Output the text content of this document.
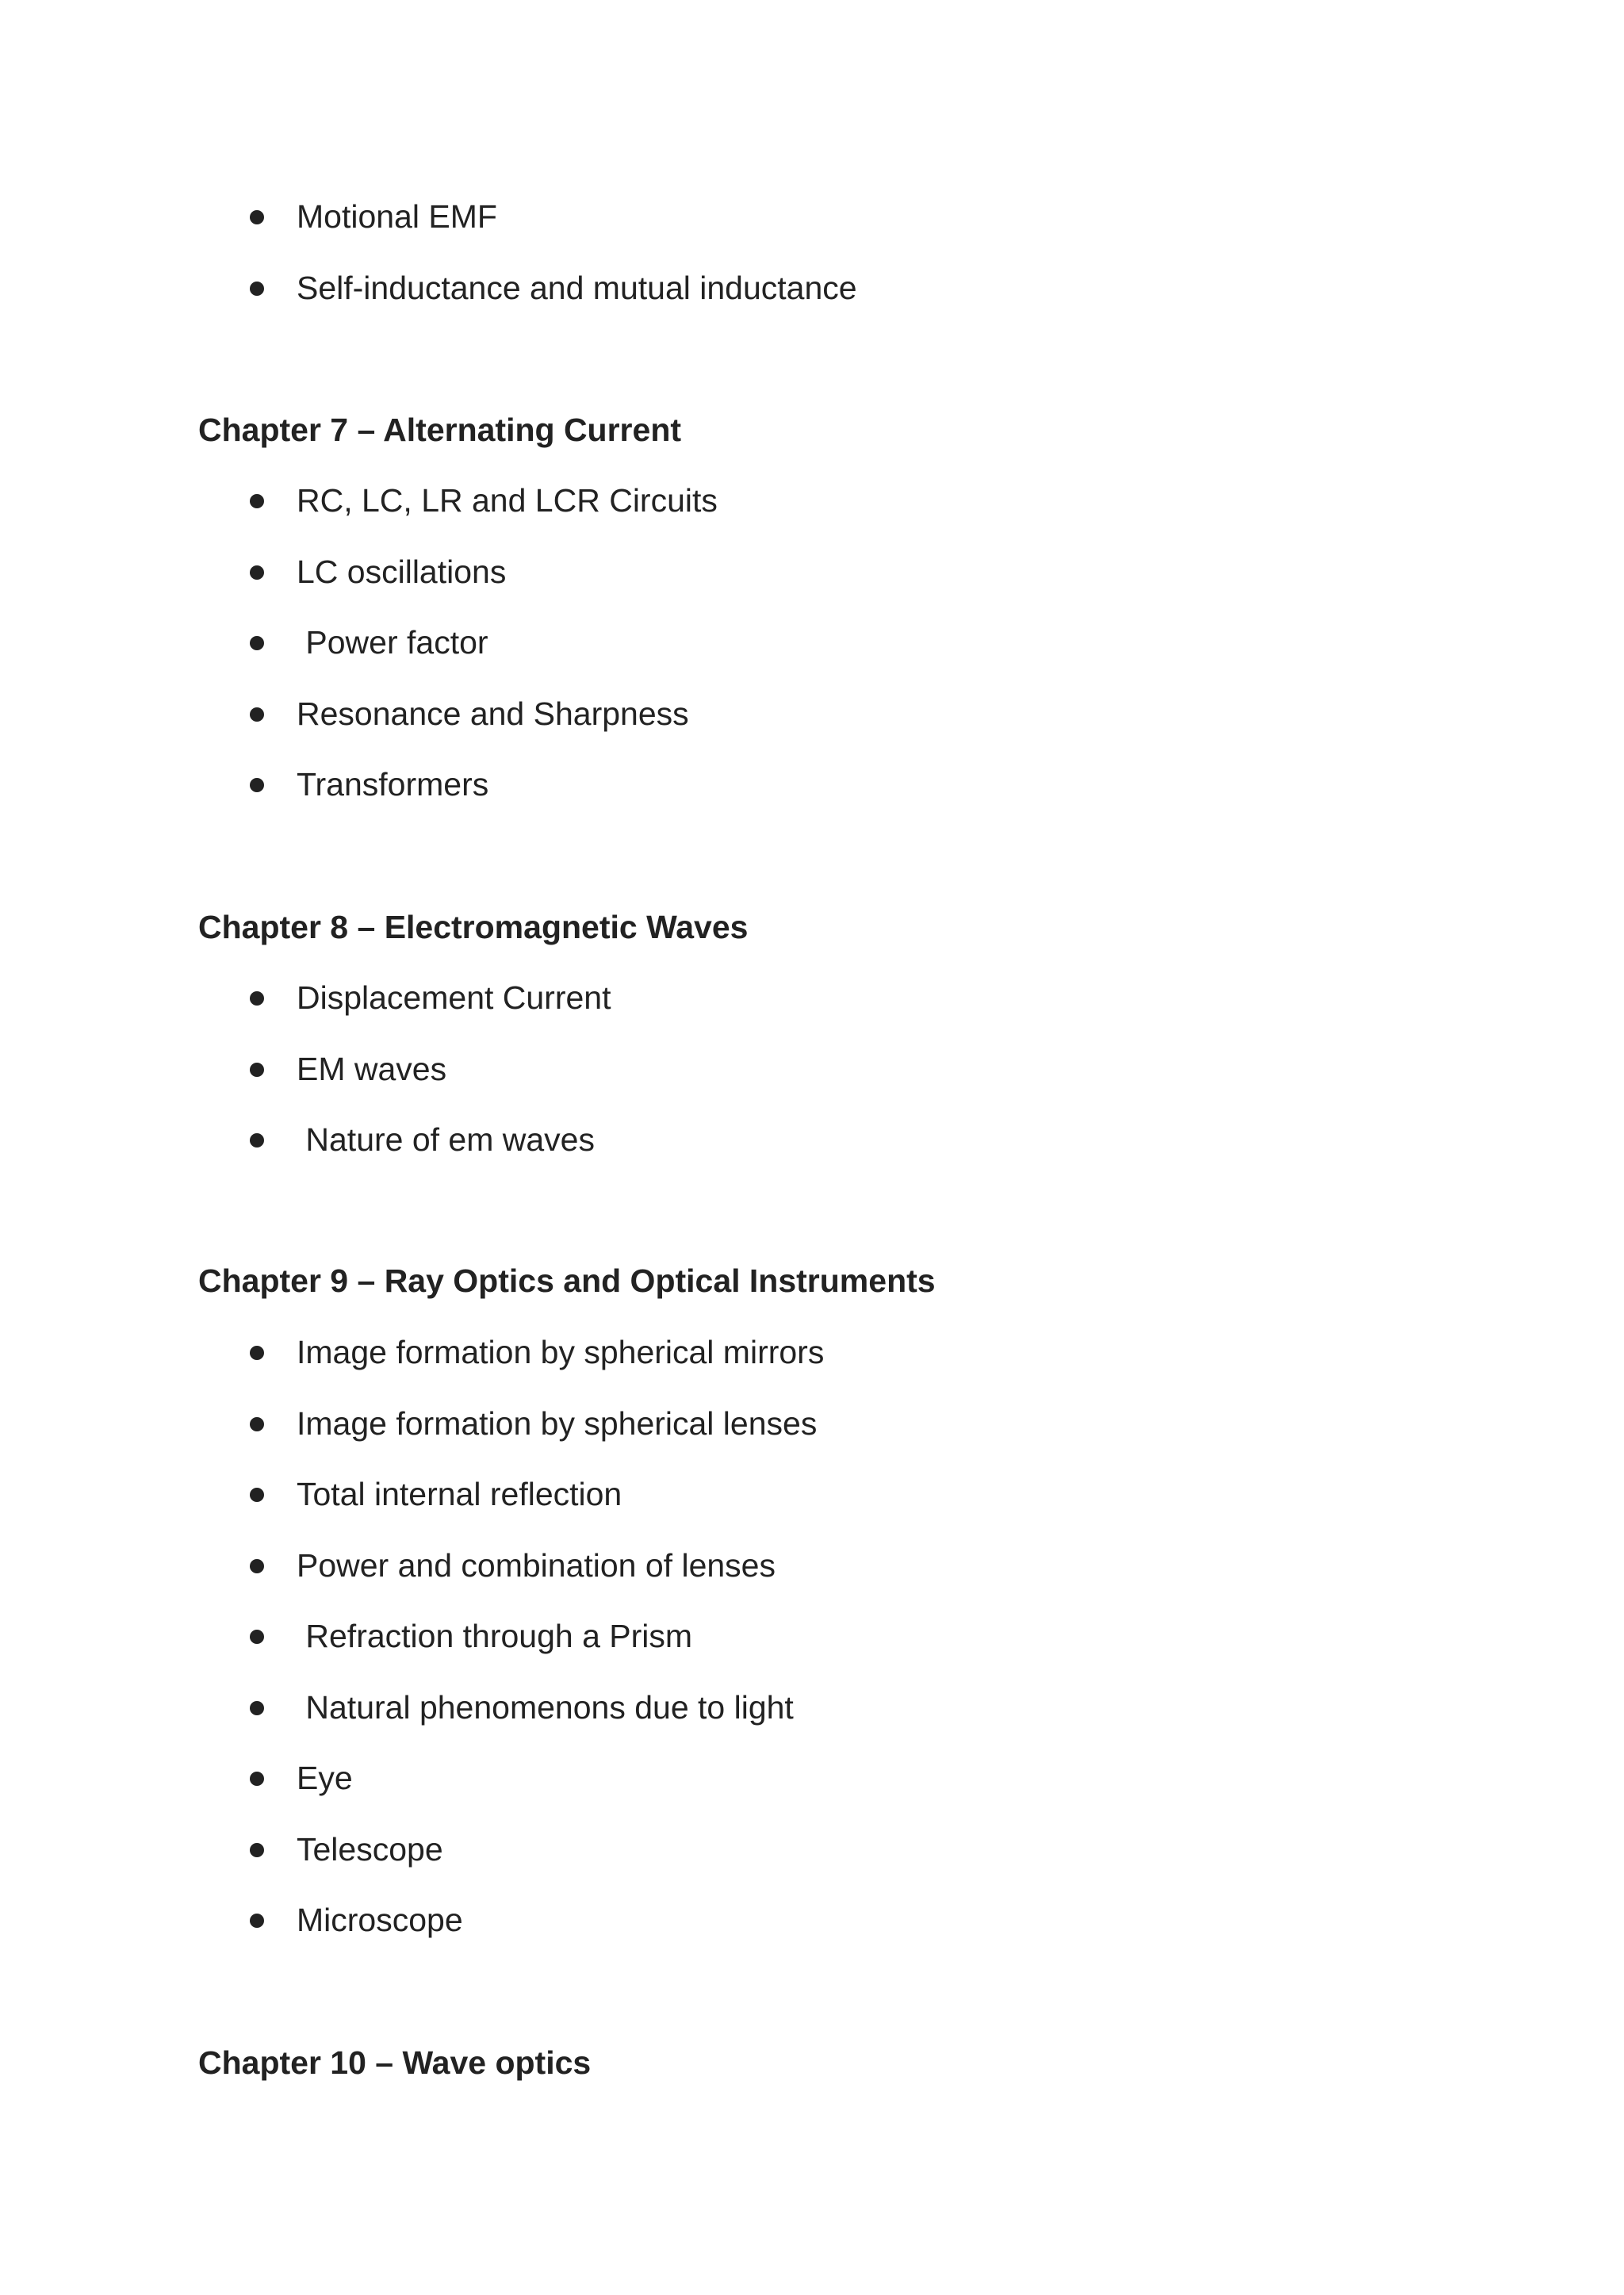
Motional EMF
Self-inductance and mutual inductance
Chapter 7 – Alternating Current
RC, LC, LR and LCR Circuits
LC oscillations
Power factor
Resonance and Sharpness
Transformers
Chapter 8 – Electromagnetic Waves
Displacement Current
EM waves
Nature of em waves
Chapter 9 – Ray Optics and Optical Instruments
Image formation by spherical mirrors
Image formation by spherical lenses
Total internal reflection
Power and combination of lenses
Refraction through a Prism
Natural phenomenons due to light
Eye
Telescope
Microscope
Chapter 10 – Wave optics
